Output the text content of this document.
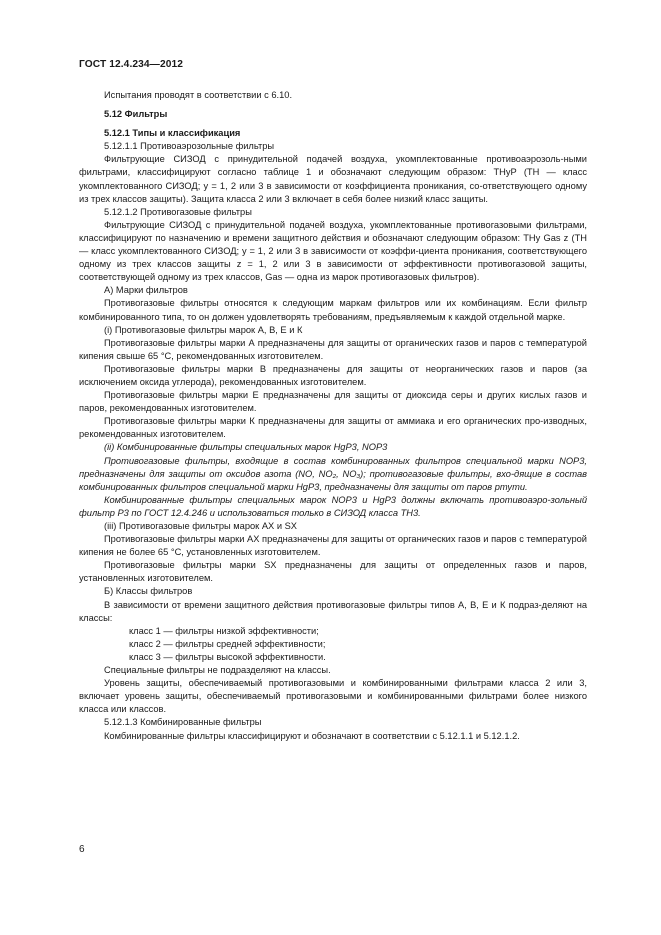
ГОСТ 12.4.234—2012

Испытания проводят в соответствии с 6.10.

5.12 Фильтры

5.12.1 Типы и классификация

5.12.1.1 Противоаэрозольные фильтры

Фильтрующие СИЗОД с принудительной подачей воздуха, укомплектованные противоаэрозоль-ными фильтрами, классифицируют согласно таблице 1 и обозначают следующим образом: ТНуР (ТН — класс укомплектованного СИЗОД; у = 1, 2 или 3 в зависимости от коэффициента проникания, со-ответствующего одному из трех классов защиты). Защита класса 2 или 3 включает в себя более низкий класс защиты.

5.12.1.2 Противогазовые фильтры

Фильтрующие СИЗОД с принудительной подачей воздуха, укомплектованные противогазовыми фильтрами, классифицируют по назначению и времени защитного действия и обозначают следующим образом: ТНу Gas z (ТН — класс укомплектованного СИЗОД; у = 1, 2 или 3 в зависимости от коэффи-циента проникания, соответствующего одному из трех классов защиты z = 1, 2 или 3 в зависимости от эффективности противогазовой защиты, соответствующей одному из трех классов, Gas — одна из марок противогазовых фильтров).

А) Марки фильтров

Противогазовые фильтры относятся к следующим маркам фильтров или их комбинациям. Если фильтр комбинированного типа, то он должен удовлетворять требованиям, предъявляемым к каждой отдельной марке.

(i) Противогазовые фильтры марок А, В, Е и К

Противогазовые фильтры марки А предназначены для защиты от органических газов и паров с температурой кипения свыше 65 °С, рекомендованных изготовителем.

Противогазовые фильтры марки В предназначены для защиты от неорганических газов и паров (за исключением оксида углерода), рекомендованных изготовителем.

Противогазовые фильтры марки Е предназначены для защиты от диоксида серы и других кислых газов и паров, рекомендованных изготовителем.

Противогазовые фильтры марки К предназначены для защиты от аммиака и его органических про-изводных, рекомендованных изготовителем.

(ii) Комбинированные фильтры специальных марок HgP3, NOP3

Противогазовые фильтры, входящие в состав комбинированных фильтров специальной марки NOP3, предназначены для защиты от оксидов азота (NO, NO₂, NO₃); противогазовые фильтры, вхо-дящие в состав комбинированных фильтров специальной марки HgP3, предназначены для защиты от паров ртути.

Комбинированные фильтры специальных марок NOP3 и HgP3 должны включать противоаэро-зольный фильтр Р3 по ГОСТ 12.4.246 и использоваться только в СИЗОД класса ТН3.

(iii) Противогазовые фильтры марок АХ и SX

Противогазовые фильтры марки АХ предназначены для защиты от органических газов и паров с температурой кипения не более 65 °С, установленных изготовителем.

Противогазовые фильтры марки SX предназначены для защиты от определенных газов и паров, установленных изготовителем.

Б) Классы фильтров

В зависимости от времени защитного действия противогазовые фильтры типов А, В, Е и К подраз-деляют на классы:

класс 1 — фильтры низкой эффективности;

класс 2 — фильтры средней эффективности;

класс 3 — фильтры высокой эффективности.

Специальные фильтры не подразделяют на классы.

Уровень защиты, обеспечиваемый противогазовыми и комбинированными фильтрами класса 2 или 3, включает уровень защиты, обеспечиваемый противогазовыми и комбинированными фильтрами более низкого класса или классов.

5.12.1.3 Комбинированные фильтры

Комбинированные фильтры классифицируют и обозначают в соответствии с 5.12.1.1 и 5.12.1.2.

6
